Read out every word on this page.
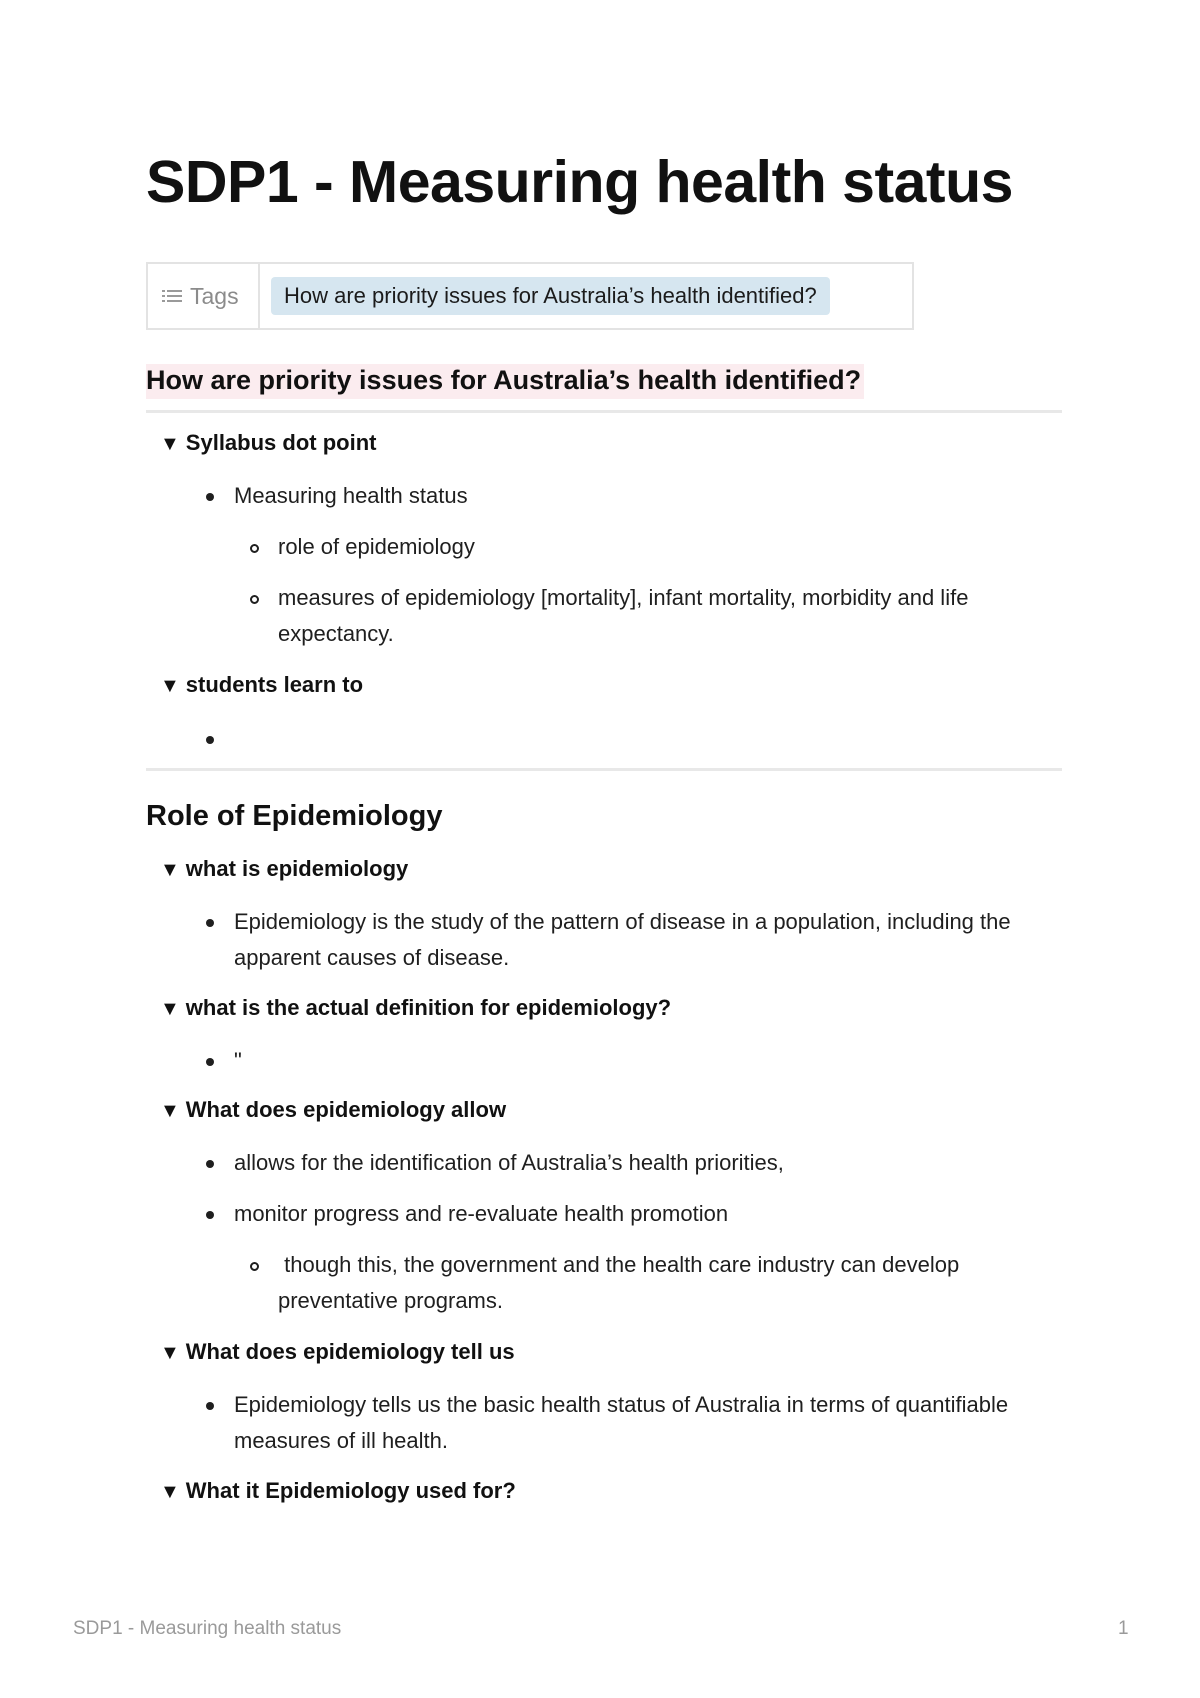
SDP1 - Measuring health status
Tags	How are priority issues for Australia’s health identified?
How are priority issues for Australia’s health identified?
▼ Syllabus dot point
Measuring health status
role of epidemiology
measures of epidemiology [mortality], infant mortality, morbidity and life expectancy.
▼ students learn to
Role of Epidemiology
▼ what is epidemiology
Epidemiology is the study of the pattern of disease in a population, including the apparent causes of disease.
▼ what is the actual definition for epidemiology?
"
▼ What does epidemiology allow
allows for the identification of Australia’s health priorities,
monitor progress and re-evaluate health promotion
though this, the government and the health care industry can develop preventative programs.
▼ What does epidemiology tell us
Epidemiology tells us the basic health status of Australia in terms of quantifiable measures of ill health.
▼ What it Epidemiology used for?
SDP1 - Measuring health status	1
